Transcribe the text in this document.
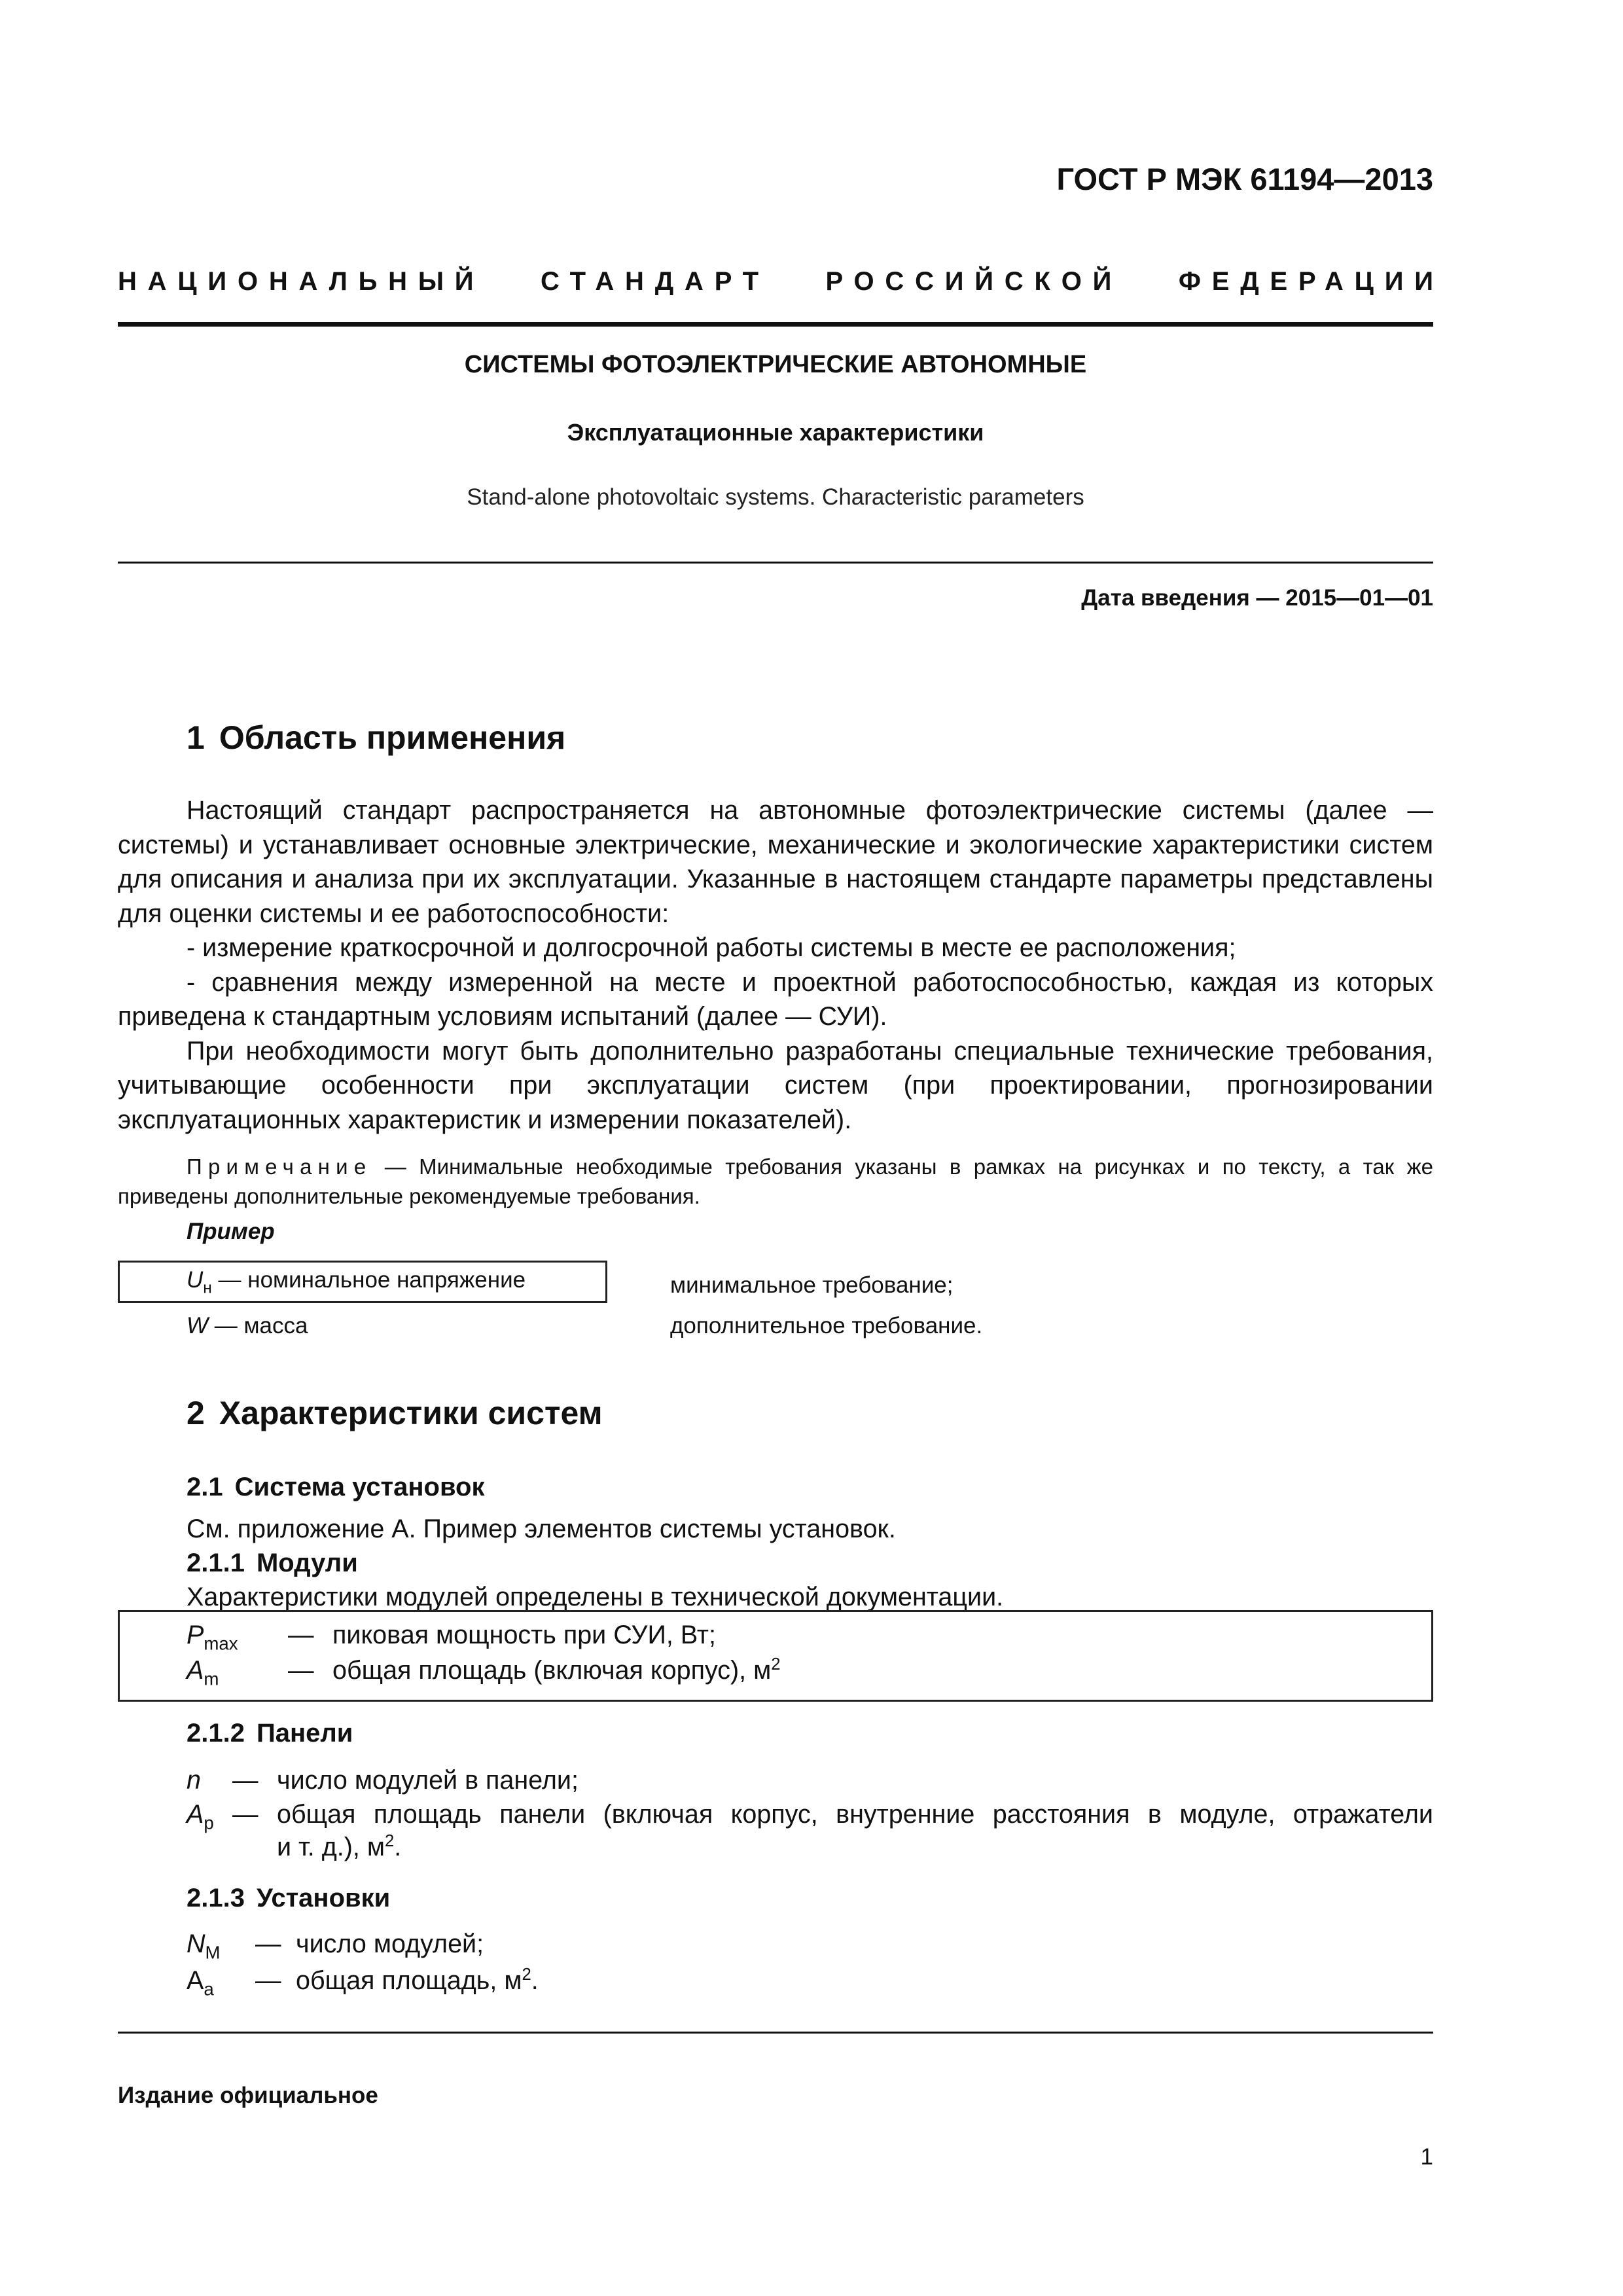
ГОСТ Р МЭК 61194—2013
НАЦИОНАЛЬНЫЙ СТАНДАРТ РОССИЙСКОЙ ФЕДЕРАЦИИ
СИСТЕМЫ ФОТОЭЛЕКТРИЧЕСКИЕ АВТОНОМНЫЕ
Эксплуатационные характеристики
Stand-alone photovoltaic systems. Characteristic parameters
Дата введения — 2015—01—01
1 Область применения

Настоящий стандарт распространяется на автономные фотоэлектрические системы (далее — системы) и устанавливает основные электрические, механические и экологические характеристики систем для описания и анализа при их эксплуатации. Указанные в настоящем стандарте параметры представлены для оценки системы и ее работоспособности:

- измерение краткосрочной и долгосрочной работы системы в месте ее расположения;

- сравнения между измеренной на месте и проектной работоспособностью, каждая из которых приведена к стандартным условиям испытаний (далее — СУИ).

При необходимости могут быть дополнительно разработаны специальные технические требования, учитывающие особенности при эксплуатации систем (при проектировании, прогнозировании эксплуатационных характеристик и измерении показателей).

Примечание — Минимальные необходимые требования указаны в рамках на рисунках и по тексту, а так же приведены дополнительные рекомендуемые требования.
Пример
$U_н$ — номинальное напряжение	минимальное требование;
W — масса	дополнительное требование.
2 Характеристики систем
2.1 Система установок
См. приложение А. Пример элементов системы установок.
2.1.1 Модули
Характеристики модулей определены в технической документации.
$P_{max}$ — пиковая мощность при СУИ, Вт;
$A_m$	— общая площадь (включая корпус), $м^2$
2.1.2 Панели
n — число модулей в панели;
$A_p$ — общая площадь панели (включая корпус, внутренние расстояния в модуле, отражатели
и т. д.), $м^2$.
2.1.3 Установки
$N_M$ — число модулей;
$A_a$ — общая площадь, $м^2$.
Издание официальное
1
